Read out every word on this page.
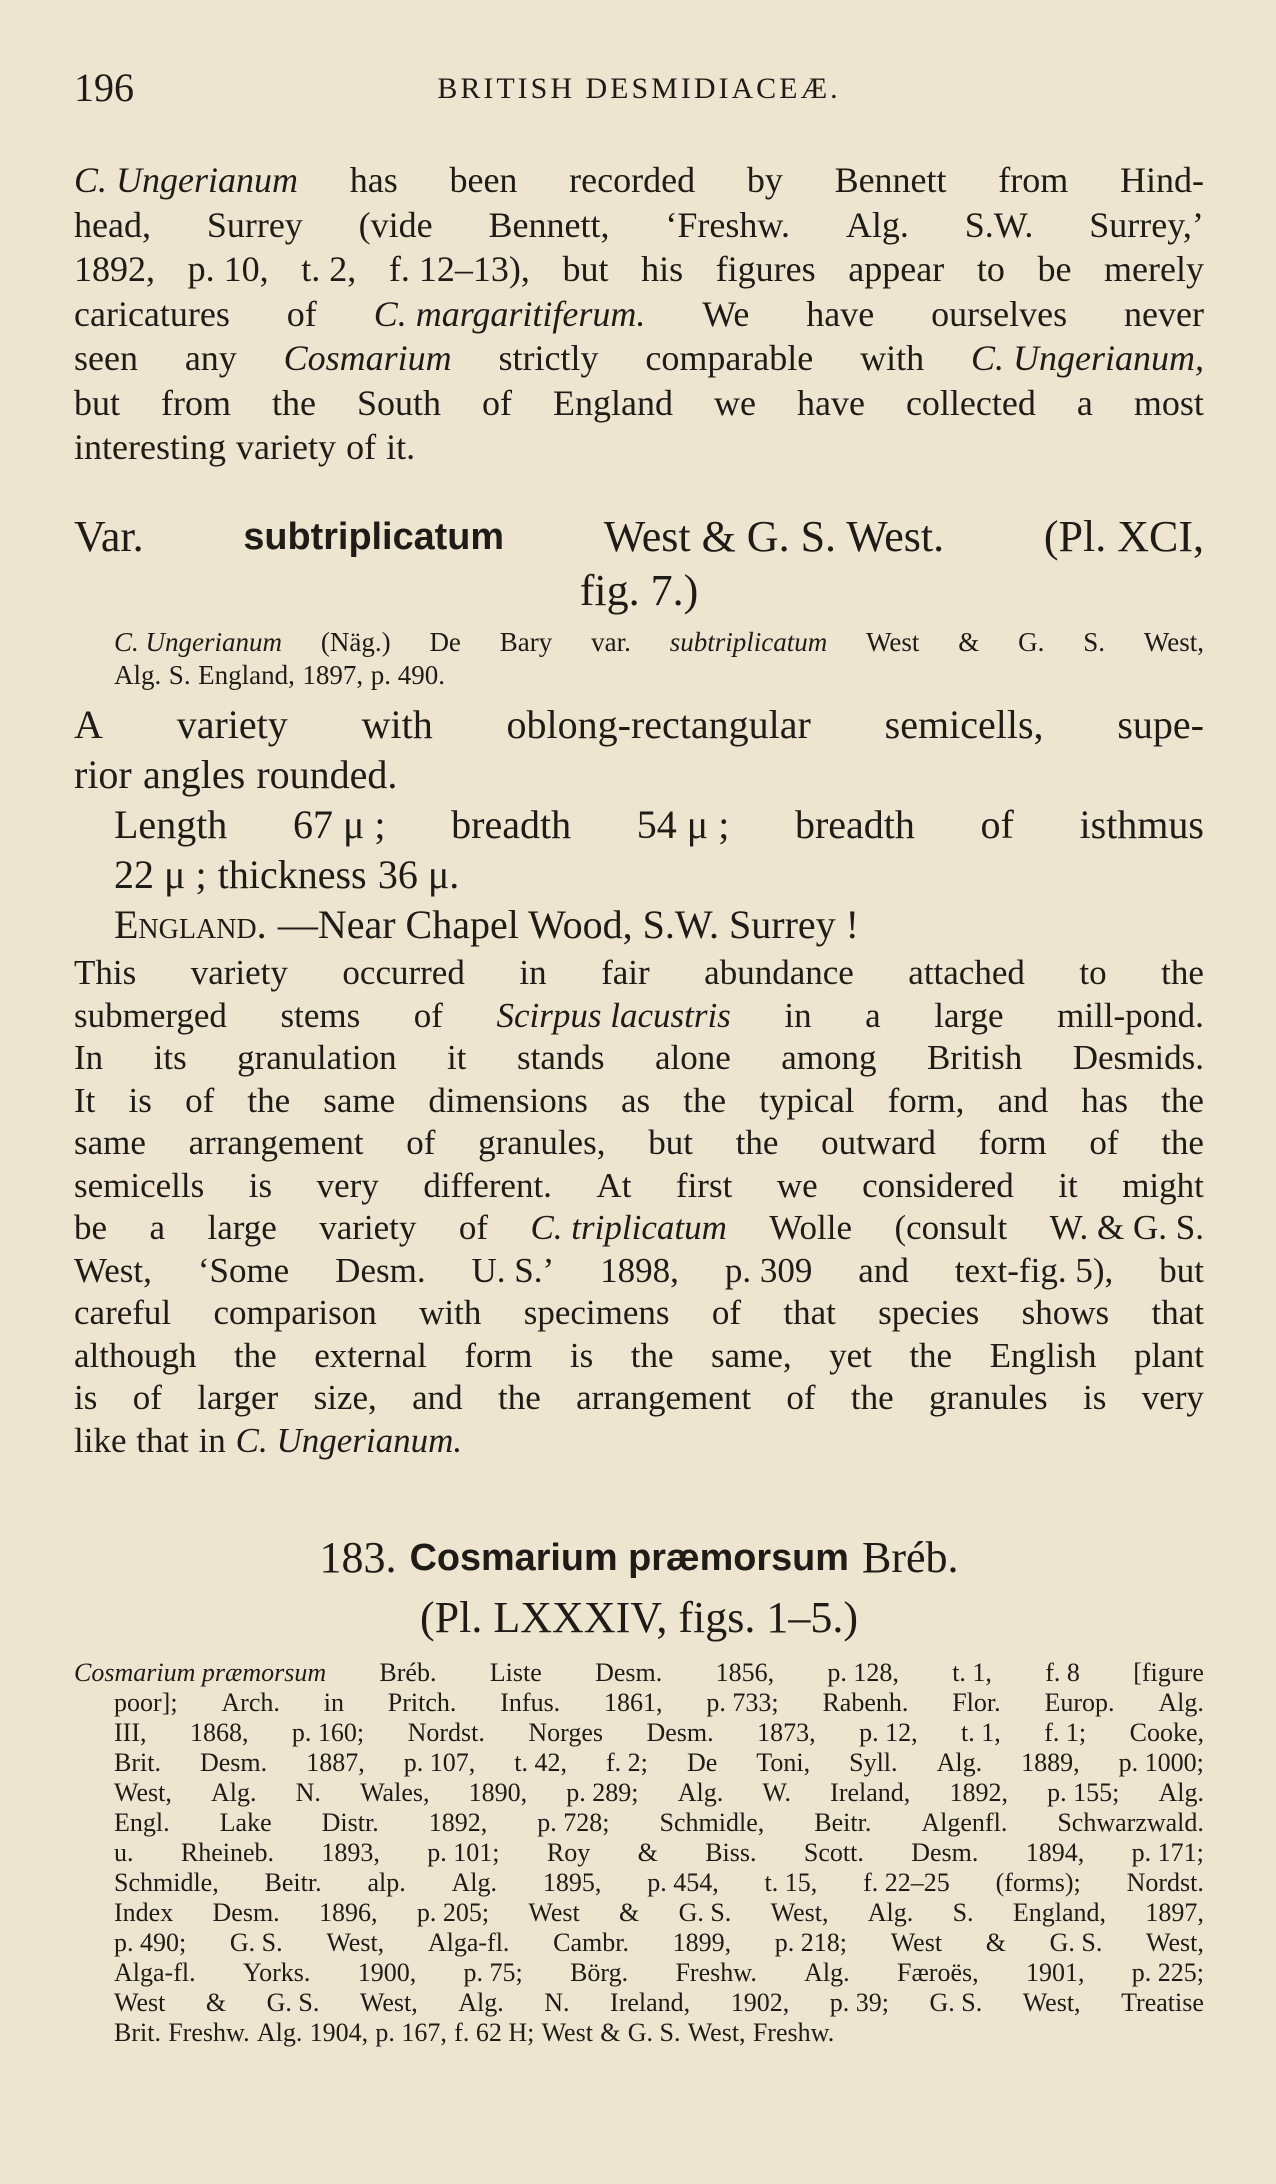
196	BRITISH DESMIDIACEÆ.
C. Ungerianum has been recorded by Bennett from Hind-
head, Surrey (vide Bennett, ‘Freshw. Alg. S.W. Surrey,’
1892, p. 10, t. 2, f. 12–13), but his figures appear to be merely
caricatures of C. margaritiferum. We have ourselves never
seen any Cosmarium strictly comparable with C. Ungerianum,
but from the South of England we have collected a most
interesting variety of it.
Var.	subtriplicatum West & G. S. West. (Pl. XCI,
fig. 7.)
C. Ungerianum (Näg.) De Bary var. subtriplicatum West & G. S. West,
Alg. S. England, 1897, p. 490.
A variety with oblong-rectangular semicells, supe-
rior angles rounded.
Length 67 μ ; breadth 54 μ ; breadth of isthmus
22 μ ; thickness 36 μ.
England. —Near Chapel Wood, S.W. Surrey !
This variety occurred in fair abundance attached to the
submerged stems of Scirpus lacustris in a large mill-pond.
In its granulation it stands alone among British Desmids.
It is of the same dimensions as the typical form, and has the
same arrangement of granules, but the outward form of the
semicells is very different. At first we considered it might
be a large variety of C. triplicatum Wolle (consult W. & G. S.
West, ‘Some Desm. U. S.’ 1898, p. 309 and text-fig. 5), but
careful comparison with specimens of that species shows that
although the external form is the same, yet the English plant
is of larger size, and the arrangement of the granules is very
like that in C. Ungerianum.
183. Cosmarium præmorsum Bréb.
(Pl. LXXXIV, figs. 1–5.)
Cosmarium præmorsum Bréb. Liste Desm. 1856, p. 128, t. 1, f. 8 [figure
poor]; Arch. in Pritch. Infus. 1861, p. 733; Rabenh. Flor. Europ. Alg.
III, 1868, p. 160; Nordst. Norges Desm. 1873, p. 12, t. 1, f. 1; Cooke,
Brit. Desm. 1887, p. 107, t. 42, f. 2; De Toni, Syll. Alg. 1889, p. 1000;
West, Alg. N. Wales, 1890, p. 289; Alg. W. Ireland, 1892, p. 155; Alg.
Engl. Lake Distr. 1892, p. 728; Schmidle, Beitr. Algenfl. Schwarzwald.
u. Rheineb. 1893, p. 101; Roy & Biss. Scott. Desm. 1894, p. 171;
Schmidle, Beitr. alp. Alg. 1895, p. 454, t. 15, f. 22–25 (forms); Nordst.
Index Desm. 1896, p. 205; West & G. S. West, Alg. S. England, 1897,
p. 490; G. S. West, Alga-fl. Cambr. 1899, p. 218; West & G. S. West,
Alga-fl. Yorks. 1900, p. 75; Börg. Freshw. Alg. Færoës, 1901, p. 225;
West & G. S. West, Alg. N. Ireland, 1902, p. 39; G. S. West, Treatise
Brit. Freshw. Alg. 1904, p. 167, f. 62 H; West & G. S. West, Freshw.
